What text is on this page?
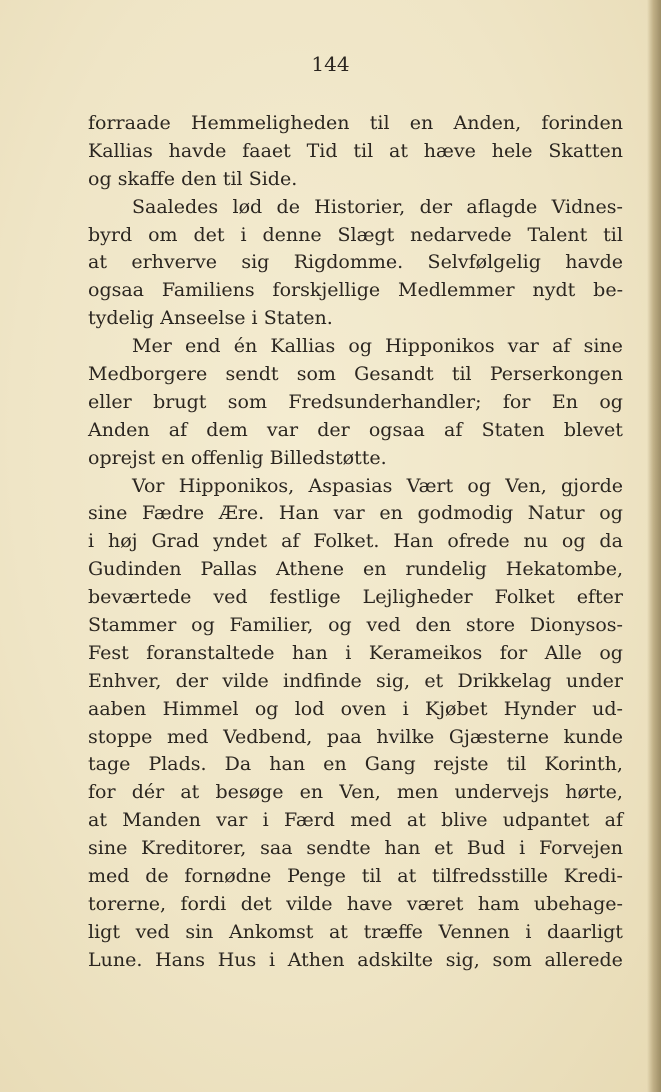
144

forraade Hemmeligheden til en Anden, forinden
Kallias havde faaet Tid til at hæve hele Skatten
og skaffe den til Side.
Saaledes lød de Historier, der aflagde Vidnes-
byrd om det i denne Slægt nedarvede Talent til
at erhverve sig Rigdomme. Selvfølgelig havde
ogsaa Familiens forskjellige Medlemmer nydt be-
tydelig Anseelse i Staten.
Mer end én Kallias og Hipponikos var af sine
Medborgere sendt som Gesandt til Perserkongen
eller brugt som Fredsunderhandler; for En og
Anden af dem var der ogsaa af Staten blevet
oprejst en offenlig Billedstøtte.
Vor Hipponikos, Aspasias Vært og Ven, gjorde
sine Fædre Ære. Han var en godmodig Natur og
i høj Grad yndet af Folket. Han ofrede nu og da
Gudinden Pallas Athene en rundelig Hekatombe,
beværtede ved festlige Lejligheder Folket efter
Stammer og Familier, og ved den store Dionysos-
Fest foranstaltede han i Kerameikos for Alle og
Enhver, der vilde indfinde sig, et Drikkelag under
aaben Himmel og lod oven i Kjøbet Hynder ud-
stoppe med Vedbend, paa hvilke Gjæsterne kunde
tage Plads. Da han en Gang rejste til Korinth,
for dér at besøge en Ven, men undervejs hørte,
at Manden var i Færd med at blive udpantet af
sine Kreditorer, saa sendte han et Bud i Forvejen
med de fornødne Penge til at tilfredsstille Kredi-
torerne, fordi det vilde have været ham ubehage-
ligt ved sin Ankomst at træffe Vennen i daarligt
Lune. Hans Hus i Athen adskilte sig, som allerede
